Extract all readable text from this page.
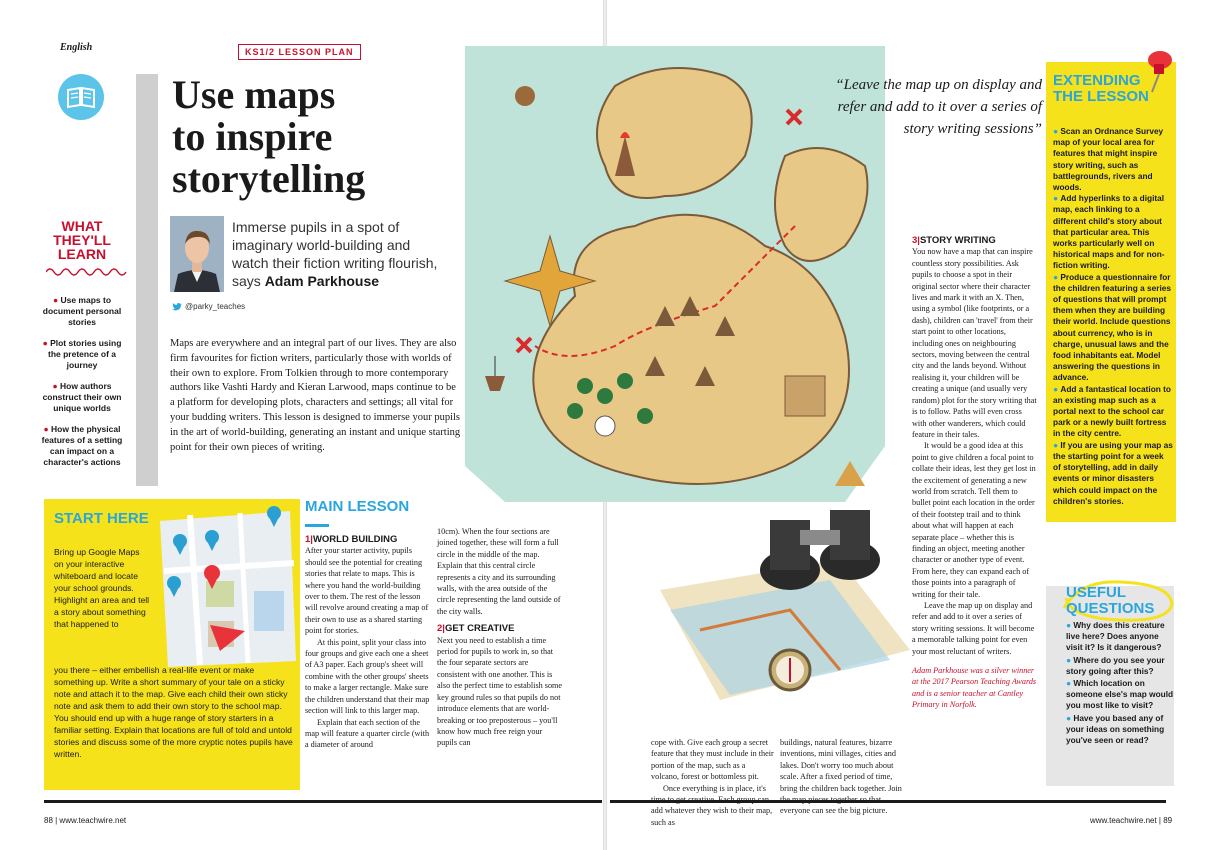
English	KS1/2 LESSON PLAN
Use maps
to inspire
storytelling
Immerse pupils in a spot of imaginary world-building and watch their fiction writing flourish, says Adam Parkhouse
@parky_teaches
WHAT
THEY'LL
LEARN
● Use maps to document personal stories
● Plot stories using the pretence of a journey
● How authors construct their own unique worlds
● How the physical features of a setting can impact on a character's actions
Maps are everywhere and an integral part of our lives. They are also firm favourites for fiction writers, particularly those with worlds of their own to explore. From Tolkien through to more contemporary authors like Vashti Hardy and Kieran Larwood, maps continue to be a platform for developing plots, characters and settings; all vital for your budding writers. This lesson is designed to immerse your pupils in the art of world-building, generating an instant and unique starting point for their own pieces of writing.
START HERE
Bring up Google Maps on your interactive whiteboard and locate your school grounds. Highlight an area and tell a story about something that happened to
you there – either embellish a real-life event or make something up. Write a short summary of your tale on a sticky note and attach it to the map. Give each child their own sticky note and ask them to add their own story to the school map. You should end up with a huge range of story starters in a familiar setting. Explain that locations are full of told and untold stories and discuss some of the more cryptic notes pupils have written.
MAIN LESSON

1|WORLD BUILDING

After your starter activity, pupils should see the potential for creating stories that relate to maps. This is where you hand the world-building over to them. The rest of the lesson will revolve around creating a map of their own to use as a shared starting point for stories.

At this point, split your class into four groups and give each one a sheet of A3 paper. Each group's sheet will combine with the other groups' sheets to make a larger rectangle. Make sure the children understand that their map section will link to this larger map.

Explain that each section of the map will feature a quarter circle (with a diameter of around

10cm). When the four sections are joined together, these will form a full circle in the middle of the map. Explain that this central circle represents a city and its surrounding walls, with the area outside of the circle representing the land outside of the city walls.

2|GET CREATIVE

Next you need to establish a time period for pupils to work in, so that the four separate sectors are consistent with one another. This is also the perfect time to establish some key ground rules so that pupils do not introduce elements that are world-breaking or too preposterous – you'll know how much free reign your pupils can

“Leave the map up on display and refer and add to it over a series of story writing sessions”

cope with. Give each group a secret feature that they must include in their portion of the map, such as a volcano, forest or bottomless pit.

Once everything is in place, it's add whatever they wish to their map, such as

buildings, natural features, bizarre inventions, mini villages, cities and lakes. Don't worry too much about scale. After a fixed period of time, bring the children back together. Join everyone can see the big picture.

3|STORY WRITING

You now have a map that can inspire countless story possibilities. Ask pupils to choose a spot in their original sector where their character lives and mark it with an X. Then, using a symbol (like footprints, or a dash), children can 'travel' from their start point to other locations, including ones on neighbouring sectors, moving between the central city and the lands beyond. Without realising it, your children will be creating a unique (and usually very random) plot for the story writing that is to follow. Paths will even cross with other wanderers, which could feature in their tales.

It would be a good idea at this point to give children a focal point to collate their ideas, lest they get lost in the excitement of generating a new world from scratch. Tell them to bullet point each location in the order of their footstep trail and to think about what will happen at each separate place – whether this is finding an object, meeting another character or another type of event. From here, they can expand each of those points into a paragraph of writing for their tale.

Leave the map up on display and refer and add to it over a series of story writing sessions. It will become a memorable talking point for even your most reluctant of writers.

Adam Parkhouse was a silver winner at the 2017 Pearson Teaching Awards and is a senior teacher at Cantley Primary in Norfolk.

EXTENDING
THE LESSON

● Scan an Ordnance Survey map of your local area for features that might inspire story writing, such as battlegrounds, rivers and woods.

● Add hyperlinks to a digital map, each linking to a different child's story about that particular area. This works particularly well on historical maps and for non-fiction writing.

● Produce a questionnaire for the children featuring a series of questions that will prompt them when they are building their world. Include questions about currency, who is in charge, unusual laws and the food inhabitants eat. Model answering the questions in advance.

● Add a fantastical location to an existing map such as a portal next to the school car park or a newly built fortress in the city centre.

● If you are using your map as the starting point for a week of storytelling, add in daily events or minor disasters which could impact on the children's stories.

USEFUL
QUESTIONS

● Why does this creature live here? Does anyone visit it? Is it dangerous?

● Where do you see your story going after this?

● Which location on someone else's map would you most like to visit?

● Have you based any of your ideas on something you've seen or read?

88 | www.teachwire.net	www.teachwire.net | 89
